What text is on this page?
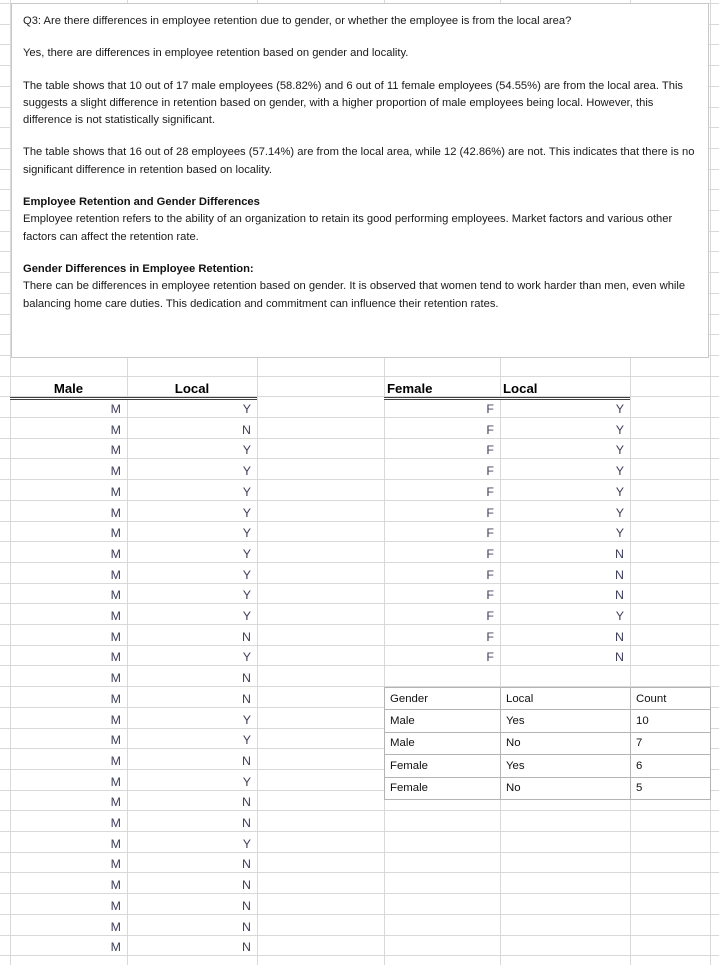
Q3: Are there differences in employee retention due to gender, or whether the employee is from the local area?
Yes, there are differences in employee retention based on gender and locality.
The table shows that 10 out of 17 male employees (58.82%) and 6 out of 11 female employees (54.55%) are from the local area. This suggests a slight difference in retention based on gender, with a higher proportion of male employees being local. However, this difference is not statistically significant.
The table shows that 16 out of 28 employees (57.14%) are from the local area, while 12 (42.86%) are not. This indicates that there is no significant difference in retention based on locality.
Employee Retention and Gender Differences
Employee retention refers to the ability of an organization to retain its good performing employees. Market factors and various other factors can affect the retention rate.
Gender Differences in Employee Retention:
There can be differences in employee retention based on gender. It is observed that women tend to work harder than men, even while balancing home care duties. This dedication and commitment can influence their retention rates.
Male	Local
M	Y
M	N
M	Y
M	Y
M	Y
M	Y
M	Y
M	Y
M	Y
M	Y
M	Y
M	N
M	Y
M	N
M	N
M	Y
M	Y
M	N
M	Y
M	N
M	N
M	Y
M	N
M	N
M	N
M	N
M	N
Female	Local
F	Y
F	Y
F	Y
F	Y
F	Y
F	Y
F	Y
F	N
F	N
F	N
F	Y
F	N
F	N
Gender	Local	Count
Male	Yes	10
Male	No	7
Female	Yes	6
Female	No	5
